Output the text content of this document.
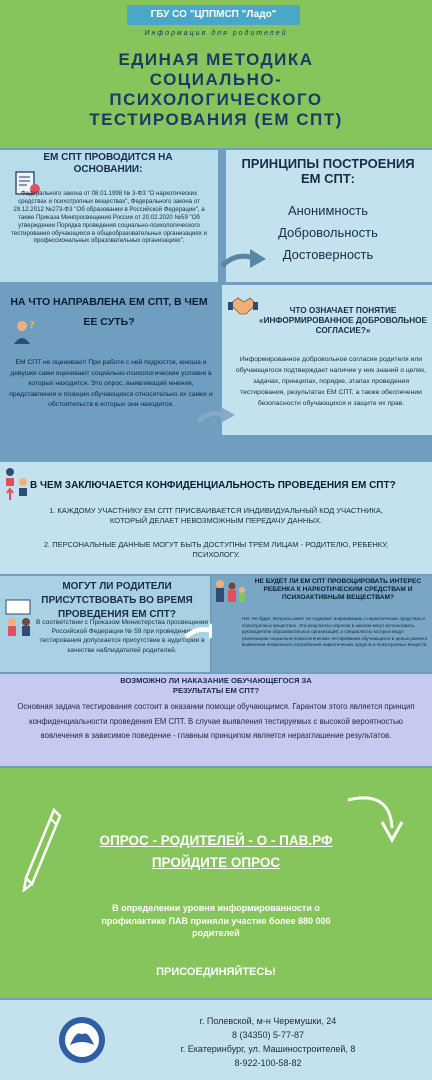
ГБУ СО "ЦППМСП "Ладо"
Информация для родителей
ЕДИНАЯ МЕТОДИКА СОЦИАЛЬНО-ПСИХОЛОГИЧЕСКОГО ТЕСТИРОВАНИЯ (ЕМ СПТ)
ЕМ СПТ ПРОВОДИТСЯ НА ОСНОВАНИИ:
Федерального закона от 08.01.1998 № 3-ФЗ "О наркотических средствах и психотропных веществах", Федерального закона от 29.12.2012 №273-ФЗ "Об образовании в Российской Федерации", а также Приказа Минпросвещения России от 20.02.2020 №59 "Об утверждении Порядка проведения социально-психологического тестирования обучающихся в общеобразовательных организациях и профессиональных образовательных организациях".
ПРИНЦИПЫ ПОСТРОЕНИЯ ЕМ СПТ:
Анонимность
Добровольность
Достоверность
НА ЧТО НАПРАВЛЕНА ЕМ СПТ, В ЧЕМ ЕЕ СУТЬ?
?
ЕМ СПТ не оценивает! При работе с ней подросток, юноша и девушки сами оценивают социально-психологические условия в которых находятся. Это опрос, выявляющий мнения, представления и позиции обучающихся относительно их самих и обстоятельств в которых они находятся.
ЧТО ОЗНАЧАЕТ ПОНЯТИЕ «ИНФОРМИРОВАННОЕ ДОБРОВОЛЬНОЕ СОГЛАСИЕ?»
Информированное добровольное согласие родителя или обучающегося подтверждает наличие у них знаний о целях, задачах, принципах, порядке, этапах проведения тестирования, результатах ЕМ СПТ, а также обеспечении безопасности обучающихся и защите их прав.
В ЧЕМ ЗАКЛЮЧАЕТСЯ КОНФИДЕНЦИАЛЬНОСТЬ ПРОВЕДЕНИЯ ЕМ СПТ?
1. КАЖДОМУ УЧАСТНИКУ ЕМ СПТ ПРИСВАИВАЕТСЯ ИНДИВИДУАЛЬНЫЙ КОД УЧАСТНИКА, КОТОРЫЙ ДЕЛАЕТ НЕВОЗМОЖНЫМ ПЕРЕДАЧУ ДАННЫХ.
2. ПЕРСОНАЛЬНЫЕ ДАННЫЕ МОГУТ БЫТЬ ДОСТУПНЫ ТРЕМ ЛИЦАМ - РОДИТЕЛЮ, РЕБЕНКУ, ПСИХОЛОГУ.
МОГУТ ЛИ РОДИТЕЛИ ПРИСУТСТВОВАТЬ ВО ВРЕМЯ ПРОВЕДЕНИЯ ЕМ СПТ?
В соответствии с Приказом Министерства просвещения Российской Федерации № 59 при проведении тестирования допускается присутствие в аудитории в качестве наблюдателей родителей.
НЕ БУДЕТ ЛИ ЕМ СПТ ПРОВОЦИРОВАТЬ ИНТЕРЕС РЕБЕНКА К НАРКОТИЧЕСКИМ СРЕДСТВАМ И ПСИХОАКТИВНЫМ ВЕЩЕСТВАМ?
Нет. Не будет. Вопросы анкет не содержат информацию о наркотических средствах и психотропных веществах. Эти результаты опросов в школах могут использовать руководители образовательных организаций, а специалисты которых ведут реализацию социально-психологических тестирования обучающихся и целью раннего выявления незаконного потребления наркотических средств и психотропных веществ.
ВОЗМОЖНО ЛИ НАКАЗАНИЕ ОБУЧАЮЩЕГОСЯ ЗА РЕЗУЛЬТАТЫ ЕМ СПТ?
Основная задача тестирования состоит в оказании помощи обучающимся. Гарантом этого является принцип конфиденциальности проведения ЕМ СПТ. В случае выявления тестируемых с высокой вероятностью вовлечения в зависимое поведение - главным принципом является неразглашение результатов.
ОПРОС - РОДИТЕЛЕЙ - О - ПАВ.РФ
ПРОЙДИТЕ ОПРОС
В определении уровня информированности о профилактике ПАВ приняли участие более 880 000 родителей
ПРИСОЕДИНЯЙТЕСЬ!
г. Полевской, м-н Черемушки, 24
8 (34350) 5-77-87
г. Екатеринбург, ул. Машиностроителей, 8
8-922-100-58-82
